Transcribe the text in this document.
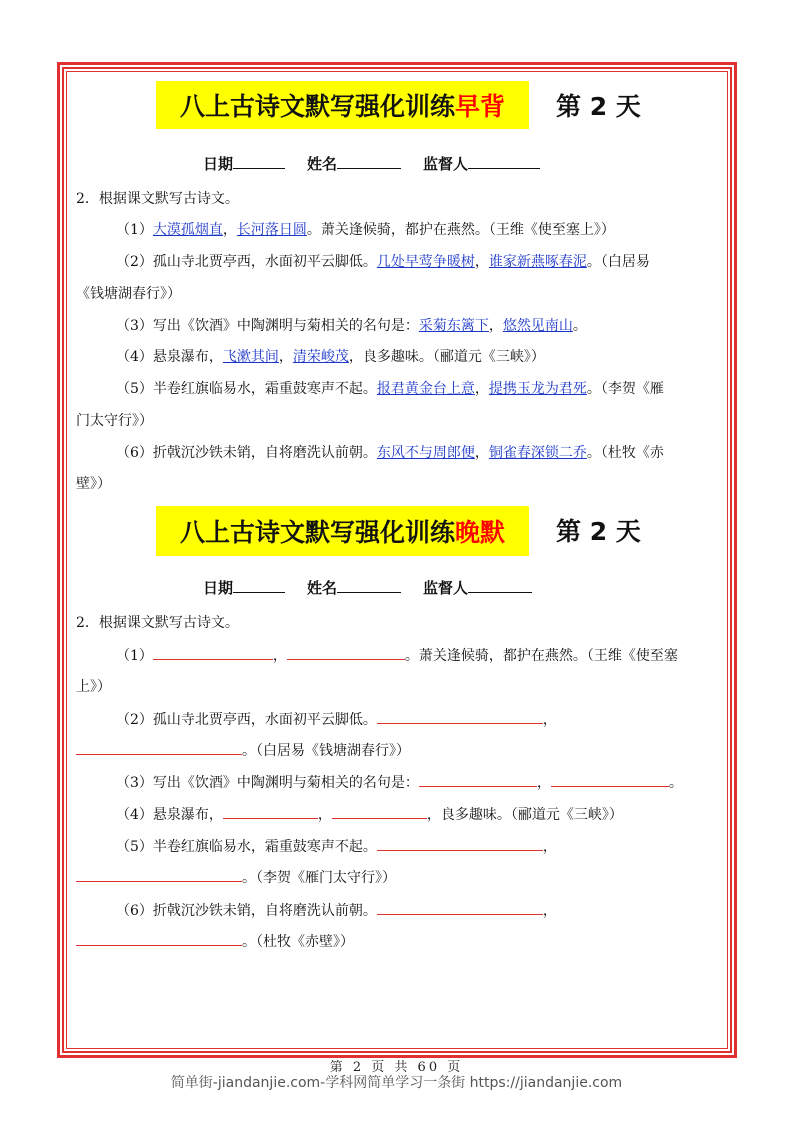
八上古诗文默写强化训练 早背 第 2 天
日期	姓名	监督人
2．根据课文默写古诗文。
（1）大漠孤烟直，长河落日圆。萧关逢候骑，都护在燕然。（王维《使至塞上》）
（2）孤山寺北贾亭西，水面初平云脚低。几处早莺争暖树，谁家新燕啄春泥。（白居易
《钱塘湖春行》）
（3）写出《饮酒》中陶渊明与菊相关的名句是：采菊东篱下，悠然见南山。
（4）悬泉瀑布，飞漱其间，清荣峻茂，良多趣味。（郦道元《三峡》）
（5）半卷红旗临易水，霜重鼓寒声不起。报君黄金台上意，提携玉龙为君死。（李贺《雁
门太守行》）
（6）折戟沉沙铁未销，自将磨洗认前朝。东风不与周郎便，铜雀春深锁二乔。（杜牧《赤
壁》）
八上古诗文默写强化训练 晚默 第 2 天
日期	姓名	监督人
2．根据课文默写古诗文。
（1）	，	。萧关逢候骑，都护在燕然。（王维《使至塞
上》）
（2）孤山寺北贾亭西，水面初平云脚低。	，
。（白居易《钱塘湖春行》）
（3）写出《饮酒》中陶渊明与菊相关的名句是：	，	。
（4）悬泉瀑布，	，	，良多趣味。（郦道元《三峡》）
（5）半卷红旗临易水，霜重鼓寒声不起。	，
。（李贺《雁门太守行》）
（6）折戟沉沙铁未销，自将磨洗认前朝。	，
。（杜牧《赤壁》）
第 2 页 共 60 页
简单街-jiandanjie.com-学科网简单学习一条街 https://jiandanjie.com
